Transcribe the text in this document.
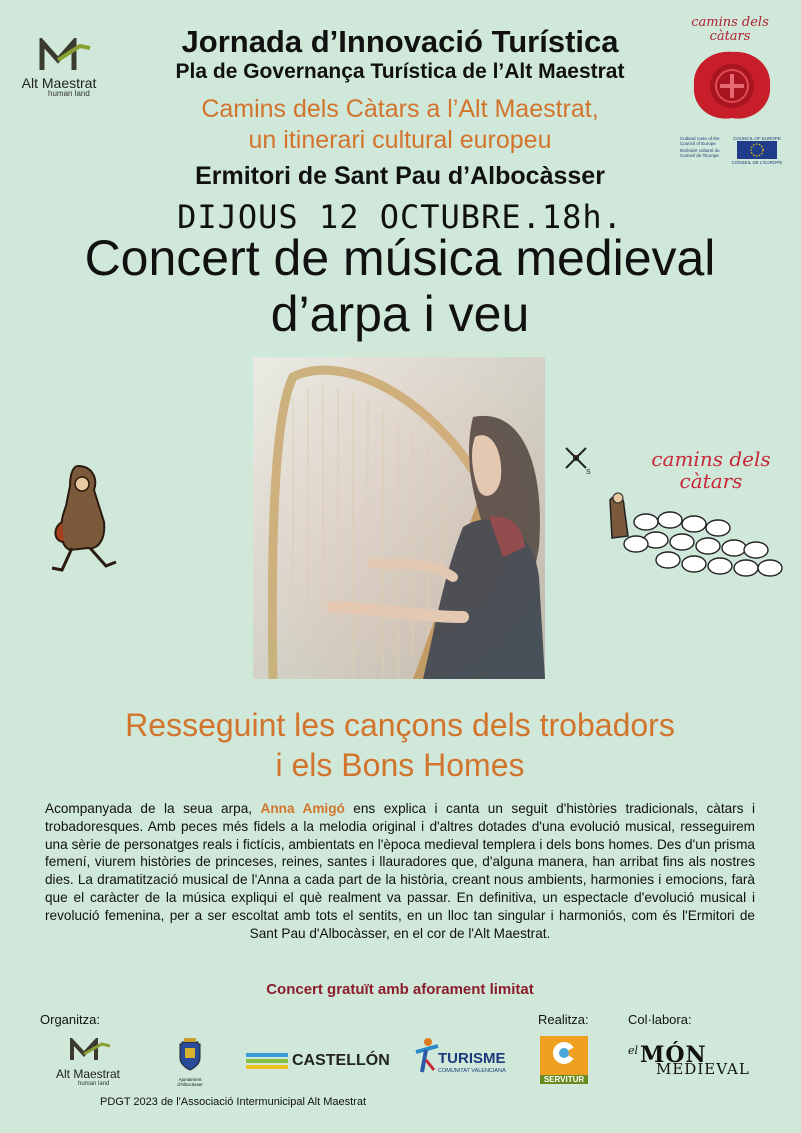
Alt Maestrat
human land
Jornada d’Innovació Turística
Pla de Governança Turística de l’Alt Maestrat
Camins dels Càtars a l’Alt Maestrat,
un itinerari cultural europeu
camins dels càtars
Cultural route of the Council of Europe
Itinéraire culturel du Conseil de l'Europe
COUNCIL OF EUROPE
CONSEIL DE L'EUROPE
Ermitori de Sant Pau d’Albocàsser
DIJOUS 12 OCTUBRE.18h.
Concert de música medieval
d’arpa i veu
S
camins dels càtars
Resseguint les cançons dels trobadors
i els Bons Homes
Acompanyada de la seua arpa, Anna Amigó ens explica i canta un seguit d'històries tradicionals, càtars i trobadoresques. Amb peces més fidels a la melodia original i d'altres dotades d'una evolució musical, resseguirem una sèrie de personatges reals i fictícis, ambientats en l'època medieval templera i dels bons homes. Des d'un prisma femení, viurem històries de princeses, reines, santes i llauradores que, d'alguna manera, han arribat fins als nostres dies. La dramatització musical de l'Anna a cada part de la història, creant nous ambients, harmonies i emocions, farà que el caràcter de la música expliqui el què realment va passar. En definitiva, un espectacle d'evolució musical i revolució femenina, per a ser escoltat amb tots el sentits, en un lloc tan singular i harmoniós, com és l'Ermitori de Sant Pau d'Albocàsser, en el cor de l'Alt Maestrat.
Concert gratuït amb aforament limitat
Organitza:	Realitza:	Col·labora:
Alt Maestrat
human land
Ajuntament d'Albocàsser
CASTELLÓN	TURISME
COMUNITAT VALENCIANA
SERVITUR
el MÓN
MEDIEVAL
PDGT 2023 de l'Associació Intermunicipal Alt Maestrat
